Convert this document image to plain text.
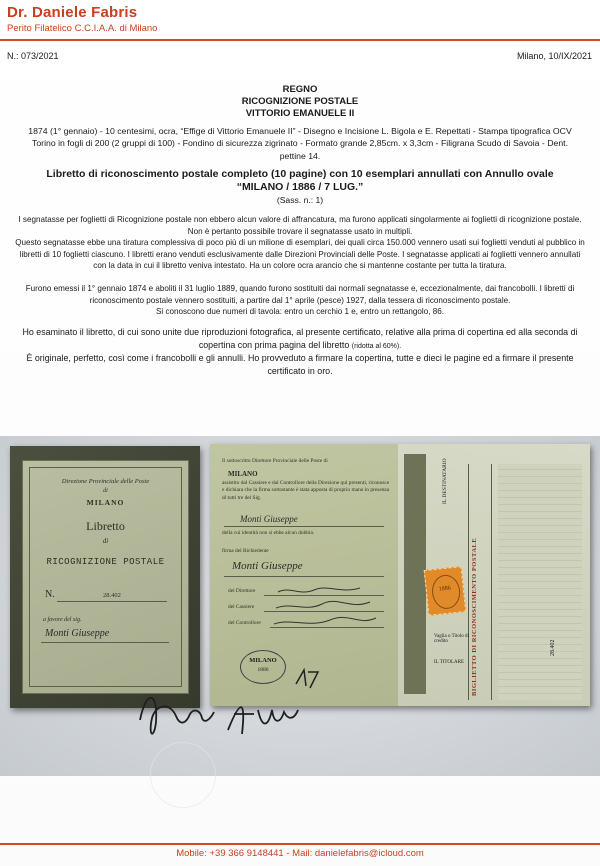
Dr. Daniele Fabris
Perito Filatelico C.C.I.A.A. di Milano
N.: 073/2021	Milano, 10/IX/2021
REGNO
RICOGNIZIONE POSTALE
VITTORIO EMANUELE II
1874 (1° gennaio) - 10 centesimi, ocra, “Effige di Vittorio Emanuele II” - Disegno e Incisione L. Bigola e E. Repettati - Stampa tipografica OCV Torino in fogli di 200 (2 gruppi di 100) - Fondino di sicurezza zigrinato - Formato grande 2,85cm. x 3,3cm - Filigrana Scudo di Savoia - Dent. pettine 14.
Libretto di riconoscimento postale completo (10 pagine) con 10 esemplari annullati con Annullo ovale
“MILANO / 1886 / 7 LUG.”
(Sass. n.: 1)
I segnatasse per foglietti di Ricognizione postale non ebbero alcun valore di affrancatura, ma furono applicati singolarmente ai foglietti di ricognizione postale. Non è pertanto possibile trovare il segnatasse usato in multipli.
Questo segnatasse ebbe una tiratura complessiva di poco più di un milione di esemplari, dei quali circa 150.000 vennero usati sui foglietti venduti al pubblico in libretti di 10 foglietti ciascuno. I libretti erano venduti esclusivamente dalle Direzioni Provinciali delle Poste. I segnatasse applicati ai foglietti vennero annullati con la data in cui il libretto veniva intestato. Ha un colore ocra arancio che si mantenne costante per tutta la tiratura.
Furono emessi il 1° gennaio 1874 e aboliti il 31 luglio 1889, quando furono sostituiti dai normali segnatasse e, eccezionalmente, dai francobolli. I libretti di riconoscimento postale vennero sostituiti, a partire dal 1° aprile (pesce) 1927, dalla tessera di riconoscimento postale.
Si conoscono due numeri di tavola: entro un cerchio 1 e, entro un rettangolo, 86.
Ho esaminato il libretto, di cui sono unite due riproduzioni fotografica, al presente certificato, relative alla prima di copertina ed alla seconda di copertina con prima pagina del libretto (ridotta al 60%).
È originale, perfetto, così come i francobolli e gli annulli. Ho provveduto a firmare la copertina, tutte e dieci le pagine ed a firmare il presente certificato in oro.
Direzione Provinciale delle Poste
di
MILANO
Libretto
di
RICOGNIZIONE POSTALE
N.	28.402
a favore del sig.
Monti Giuseppe
Il sottoscritto Direttore Provinciale delle Poste di
MILANO
assistito dal Cassiere e dal Controllore della Direzione qui presenti, riconosce e dichiara che la firma sottostante è stata apposta di proprio mano in presenza di tutti tre del Sig.
Monti Giuseppe
della cui identità non si ebbe alcun dubbio.
firma del Richiedente
Monti Giuseppe
del Direttore
del Cassiere
del Controllore
MILANO
1886
IL DESTINATARIO
BIGLIETTO DI RICONOSCIMENTO POSTALE
1886
Vaglia o Titolo di credito
IL TITOLARE
28.402
Mobile: +39 366 9148441 - Mail: danielefabris@icloud.com
